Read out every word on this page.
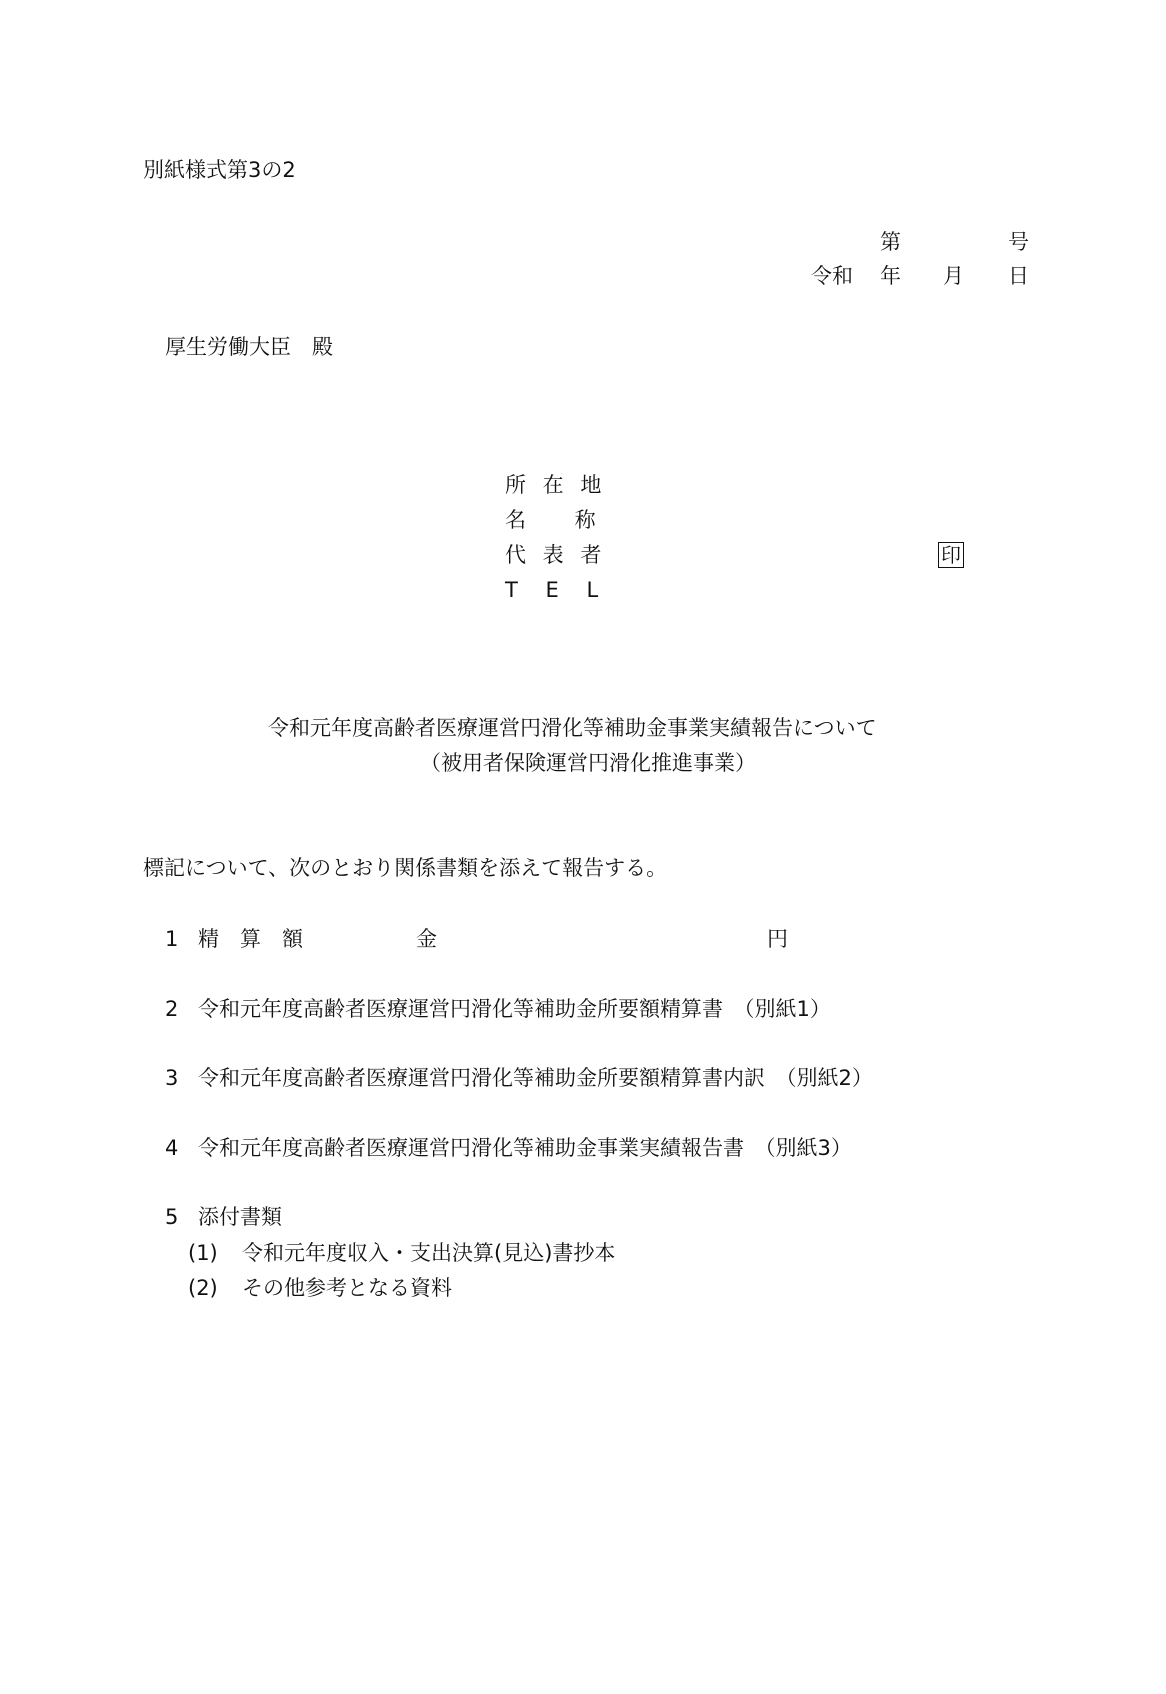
別紙様式第3の2
第	号
令和 年 月 日
厚生労働大臣　殿
所 在 地
名　　 称
代 表 者	印
T　 E　 L
令和元年度高齢者医療運営円滑化等補助金事業実績報告について
（被用者保険運営円滑化推進事業）
標記について、次のとおり関係書類を添えて報告する。
1 精　算　額	金	円
2 令和元年度高齢者医療運営円滑化等補助金所要額精算書　（別紙1）
3 令和元年度高齢者医療運営円滑化等補助金所要額精算書内訳　（別紙2）
4 令和元年度高齢者医療運営円滑化等補助金事業実績報告書　（別紙3）
5 添付書類
(1) 令和元年度収入・支出決算(見込)書抄本
(2) その他参考となる資料
